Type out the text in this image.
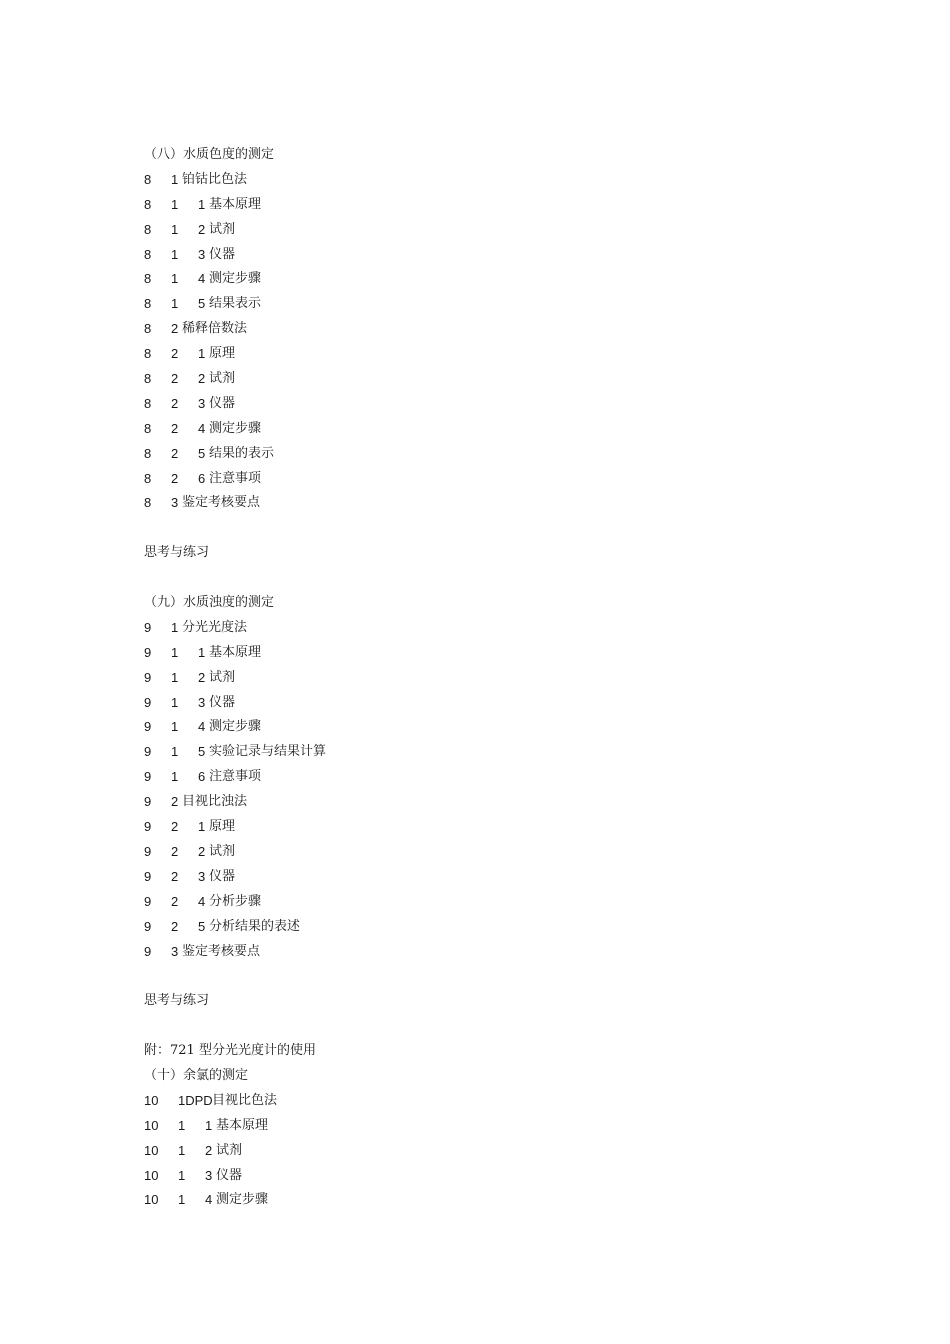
（八）水质色度的测定
8 1 铂钴比色法
8 1 1 基本原理
8 1 2 试剂
8 1 3 仪器
8 1 4 测定步骤
8 1 5 结果表示
8 2 稀释倍数法
8 2 1 原理
8 2 2 试剂
8 2 3 仪器
8 2 4 测定步骤
8 2 5 结果的表示
8 2 6 注意事项
8 3 鉴定考核要点
思考与练习
（九）水质浊度的测定
9 1 分光光度法
9 1 1 基本原理
9 1 2 试剂
9 1 3 仪器
9 1 4 测定步骤
9 1 5 实验记录与结果计算
9 1 6 注意事项
9 2 目视比浊法
9 2 1 原理
9 2 2 试剂
9 2 3 仪器
9 2 4 分析步骤
9 2 5 分析结果的表述
9 3 鉴定考核要点
思考与练习
附：721 型分光光度计的使用
（十）余氯的测定
10 1DPD 目视比色法
10 1 1 基本原理
10 1 2 试剂
10 1 3 仪器
10 1 4 测定步骤
